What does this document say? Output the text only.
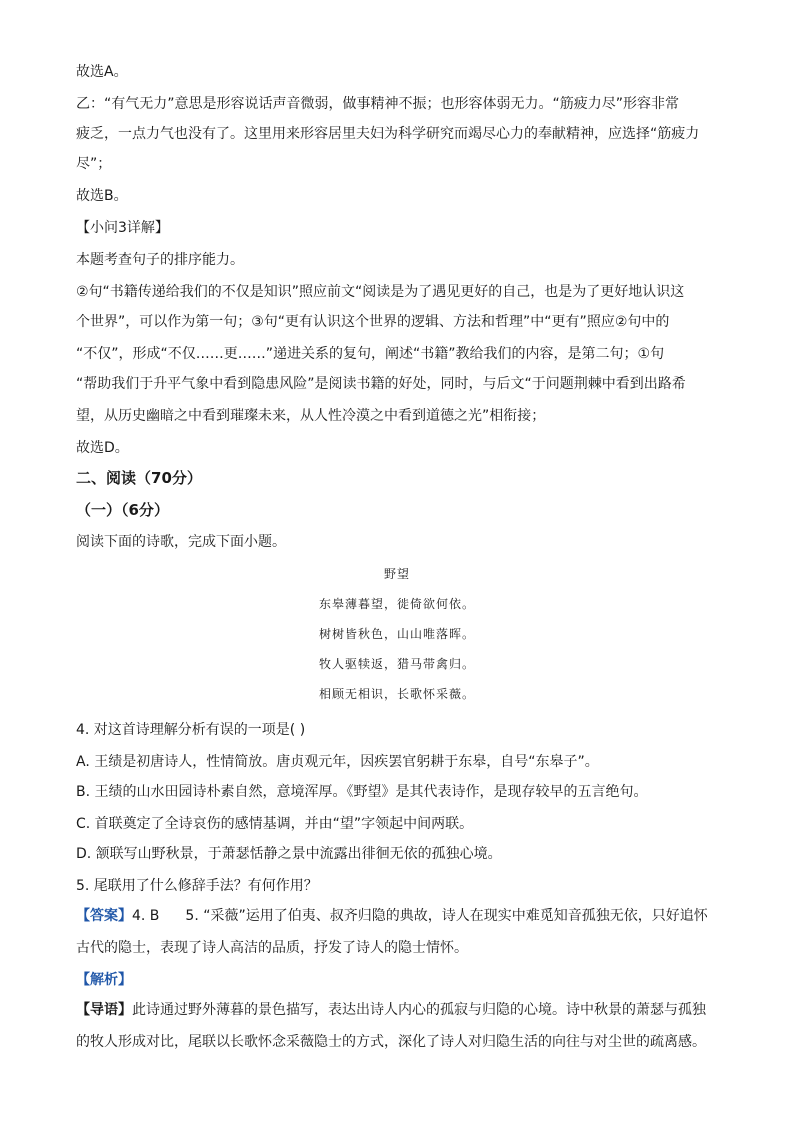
故选A。
乙：“有气无力”意思是形容说话声音微弱，做事精神不振；也形容体弱无力。“筋疲力尽”形容非常
疲乏，一点力气也没有了。这里用来形容居里夫妇为科学研究而竭尽心力的奉献精神，应选择“筋疲力
尽”；
故选B。
【小问3详解】
本题考查句子的排序能力。
②句“书籍传递给我们的不仅是知识”照应前文“阅读是为了遇见更好的自己，也是为了更好地认识这
个世界”，可以作为第一句；③句“更有认识这个世界的逻辑、方法和哲理”中“更有”照应②句中的
“不仅”，形成“不仅……更……”递进关系的复句，阐述“书籍”教给我们的内容，是第二句；①句
“帮助我们于升平气象中看到隐患风险”是阅读书籍的好处，同时，与后文“于问题荆棘中看到出路希
望，从历史幽暗之中看到璀璨未来，从人性冷漠之中看到道德之光”相衔接；
故选D。
二、阅读（70分）
（一）（6分）
阅读下面的诗歌，完成下面小题。
野望
东皋薄暮望，徙倚欲何依。
树树皆秋色，山山唯落晖。
牧人驱犊返，猎马带禽归。
相顾无相识，长歌怀采薇。
4. 对这首诗理解分析有误的一项是( )
A. 王绩是初唐诗人，性情简放。唐贞观元年，因疾罢官躬耕于东皋，自号“东皋子”。
B. 王绩的山水田园诗朴素自然，意境浑厚。《野望》是其代表诗作，是现存较早的五言绝句。
C. 首联奠定了全诗哀伤的感情基调，并由“望”字领起中间两联。
D. 颔联写山野秋景，于萧瑟恬静之景中流露出徘徊无依的孤独心境。
5. 尾联用了什么修辞手法？有何作用？
【答案】4. B 5. “采薇”运用了伯夷、叔齐归隐的典故，诗人在现实中难觅知音孤独无依，只好追怀
古代的隐士，表现了诗人高洁的品质，抒发了诗人的隐士情怀。
【解析】
【导语】此诗通过野外薄暮的景色描写，表达出诗人内心的孤寂与归隐的心境。诗中秋景的萧瑟与孤独
的牧人形成对比，尾联以长歌怀念采薇隐士的方式，深化了诗人对归隐生活的向往与对尘世的疏离感。
